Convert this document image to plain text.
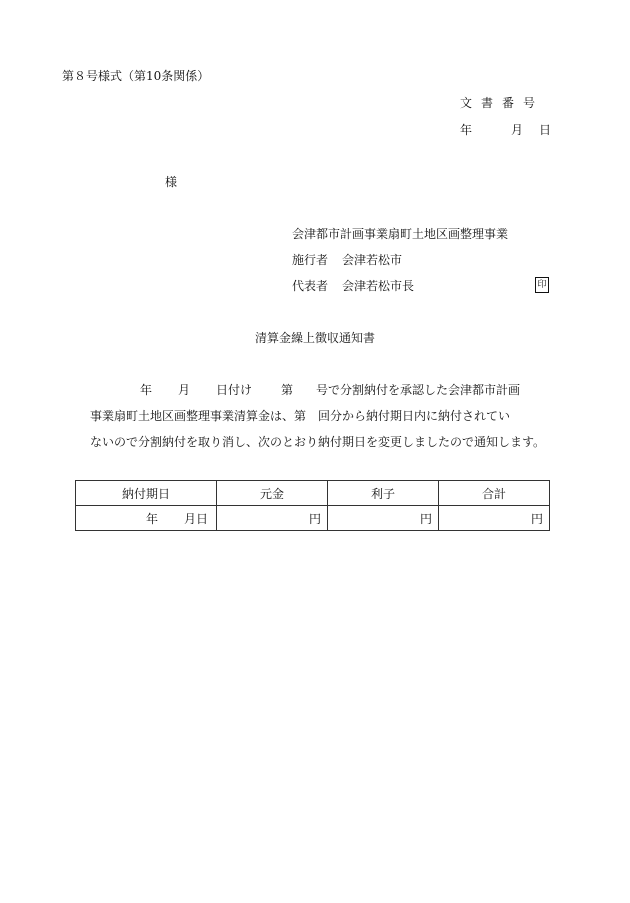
第８号様式（第10条関係）
文書番号
年	月 日
様
会津都市計画事業扇町土地区画整理事業
施行者 会津若松市
代表者 会津若松市長	印
清算金繰上徴収通知書
年 月 日付け 第 号で分割納付を承認した会津都市計画
事業扇町土地区画整理事業清算金は、第　回分から納付期日内に納付されてい
ないので分割納付を取り消し、次のとおり納付期日を変更しましたので通知します。
納付期日	元金	利子	合計
年 月日	円	円	円
